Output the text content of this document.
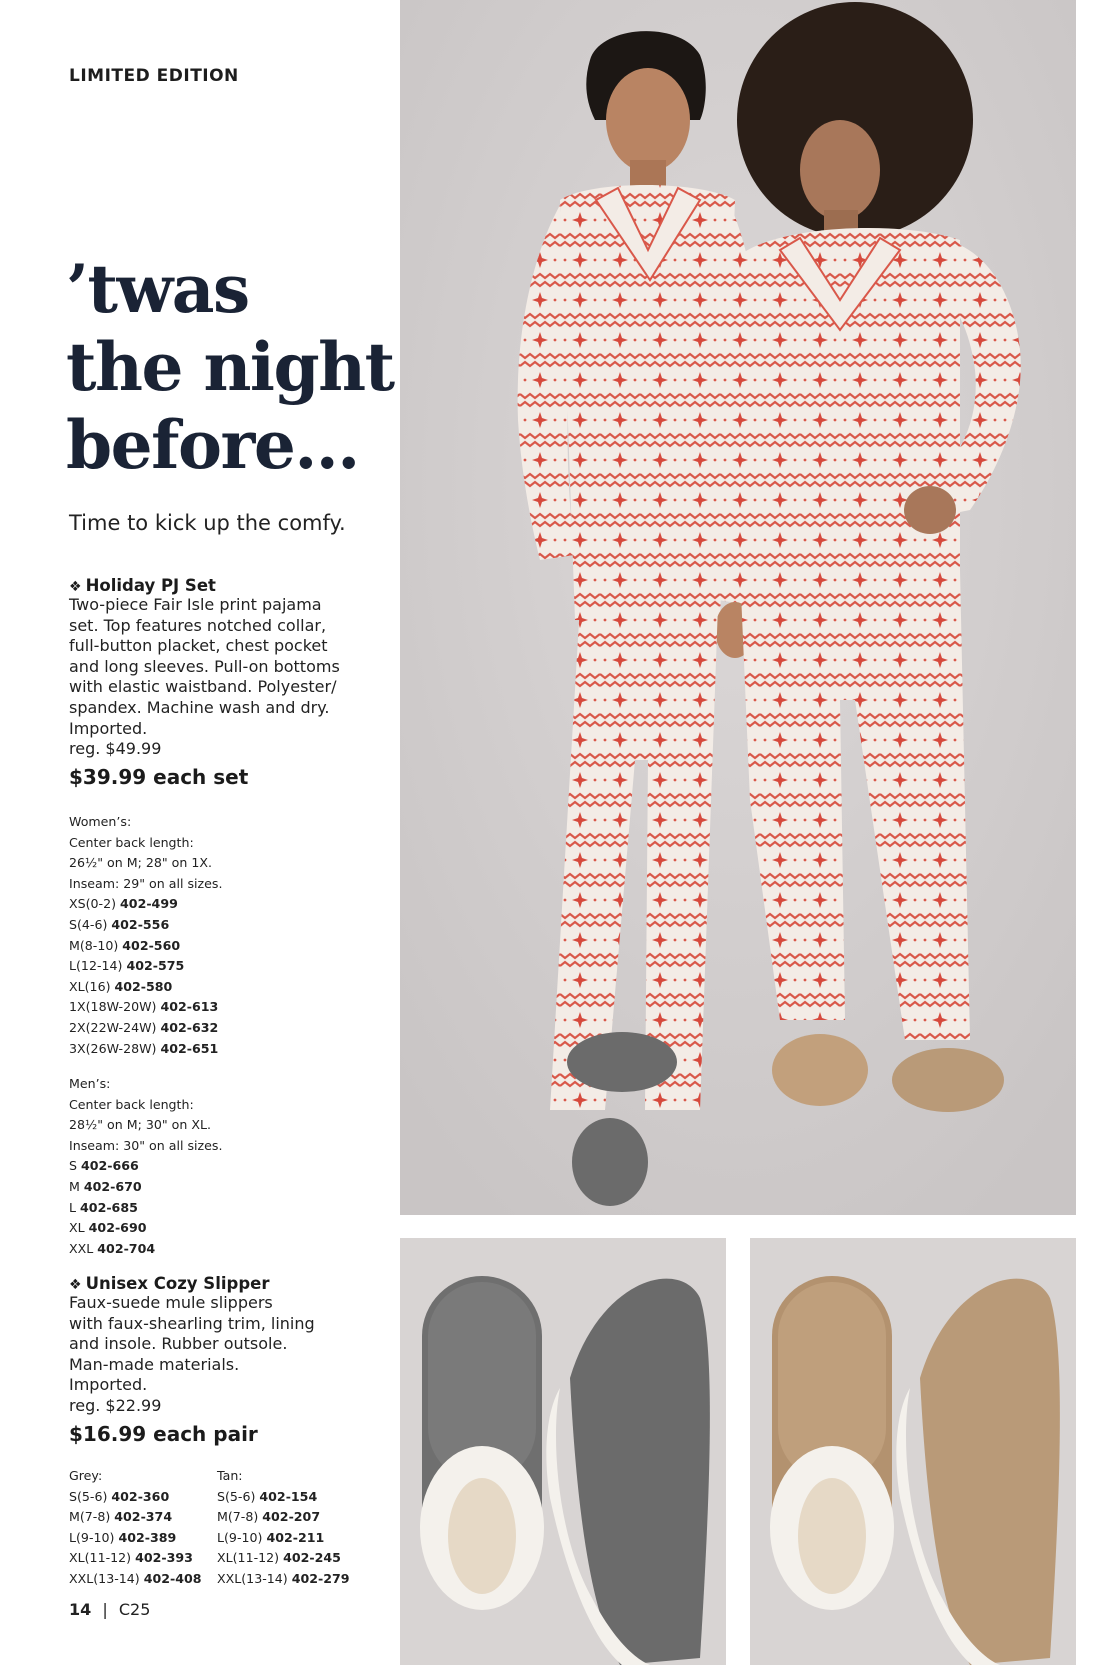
LIMITED EDITION
’twas
the night
before...
Time to kick up the comfy.
❖ Holiday PJ Set
Two-piece Fair Isle print pajama
set. Top features notched collar,
full-button placket, chest pocket
and long sleeves. Pull-on bottoms
with elastic waistband. Polyester/
spandex. Machine wash and dry.
Imported.
reg. $49.99
$39.99 each set
Women’s:
Center back length:
26½" on M; 28" on 1X.
Inseam: 29" on all sizes.
XS(0-2) 402-499
S(4-6) 402-556
M(8-10) 402-560
L(12-14) 402-575
XL(16) 402-580
1X(18W-20W) 402-613
2X(22W-24W) 402-632
3X(26W-28W) 402-651
Men’s:
Center back length:
28½" on M; 30" on XL.
Inseam: 30" on all sizes.
S 402-666
M 402-670
L 402-685
XL 402-690
XXL 402-704
❖ Unisex Cozy Slipper
Faux-suede mule slippers
with faux-shearling trim, lining
and insole. Rubber outsole.
Man-made materials.
Imported.
reg. $22.99
$16.99 each pair
Grey:
S(5-6) 402-360
M(7-8) 402-374
L(9-10) 402-389
XL(11-12) 402-393
XXL(13-14) 402-408
Tan:
S(5-6) 402-154
M(7-8) 402-207
L(9-10) 402-211
XL(11-12) 402-245
XXL(13-14) 402-279
14 | C25
